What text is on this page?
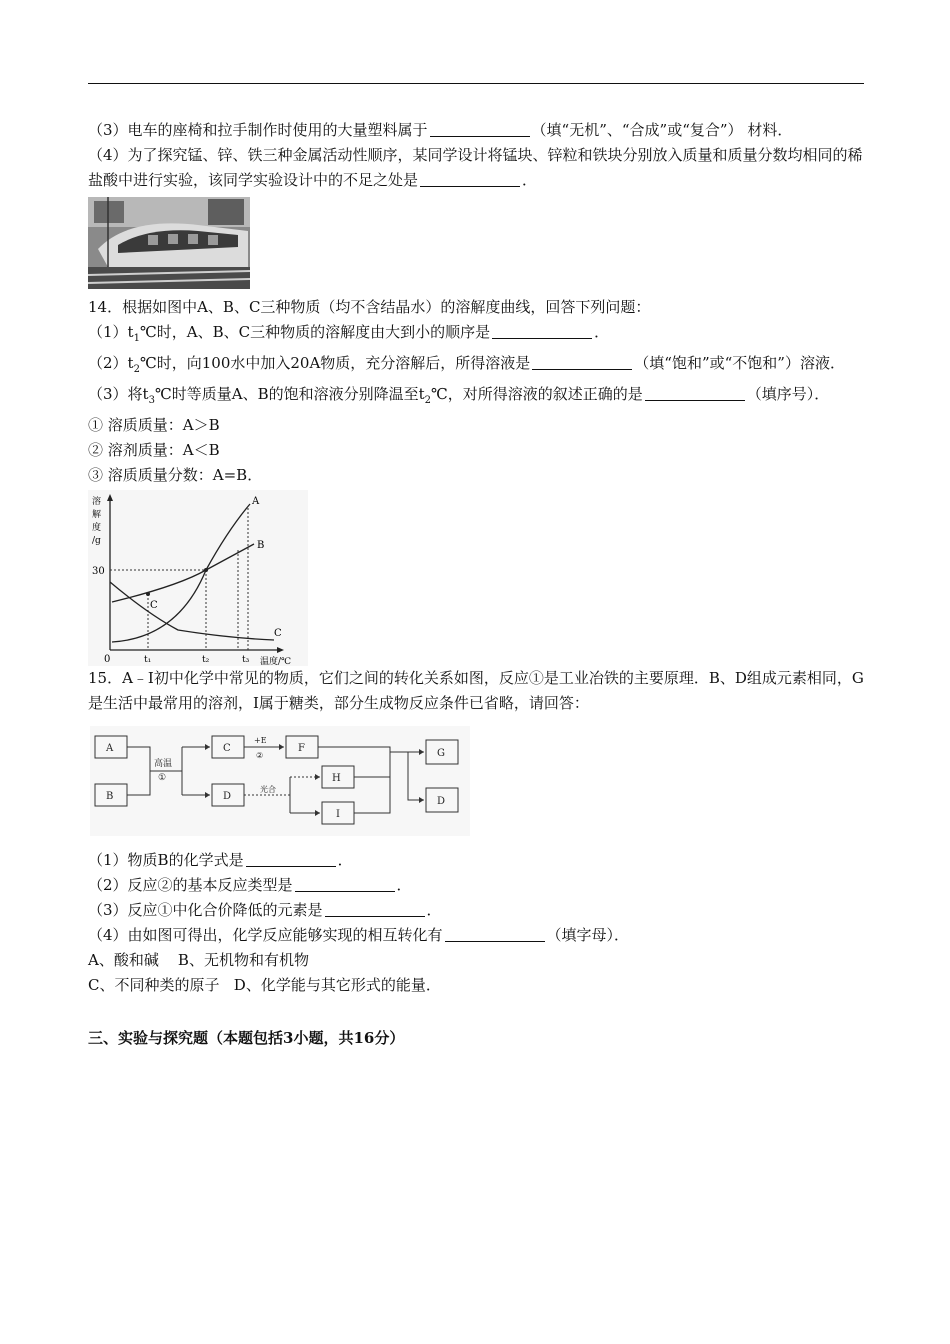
（3）电车的座椅和拉手制作时使用的大量塑料属于	（填“无机”、“合成”或“复合”） 材料．

（4）为了探究锰、锌、铁三种金属活动性顺序，某同学设计将锰块、锌粒和铁块分别放入质量和质量分数均相同的稀盐酸中进行实验，该同学实验设计中的不足之处是	．

14．根据如图中A、B、C三种物质（均不含结晶水）的溶解度曲线，回答下列问题：

$(1)t_1℃$时，A、B、C三种物质的溶解度由大到小的顺序是	．

$(2)t_2℃$时，向100水中加入20A物质，充分溶解后，所得溶液是	（填“饱和”或“不饱和”）溶液．

（3）将$t_3℃$时等质量A、B的饱和溶液分别降温至$t_2℃$，对所得溶液的叙述正确的是	（填序号）．

① 溶质质量：A＞B

② 溶剂质量：A＜B

③ 溶质质量分数：A=B．

溶
解
度
/g
30
A
B
C
C
0	t₁	t₂	t₃ 温度/℃

15．A﹣I初中化学中常见的物质，它们之间的转化关系如图，反应①是工业冶铁的主要原理．B、D组成元素相同，G是生活中最常用的溶剂，I属于糖类，部分生成物反应条件已省略，请回答：

A
B
C
D
F
H
I
G
D
高温
①
+E
②
光合

（1）物质B的化学式是	．

（2）反应②的基本反应类型是	．

（3）反应①中化合价降低的元素是	．

（4）由如图可得出，化学反应能够实现的相互转化有	（填字母）．

A、酸和碱 B、无机物和有机物

C、不同种类的原子 D、化学能与其它形式的能量．

三、实验与探究题（本题包括3小题，共16分）
